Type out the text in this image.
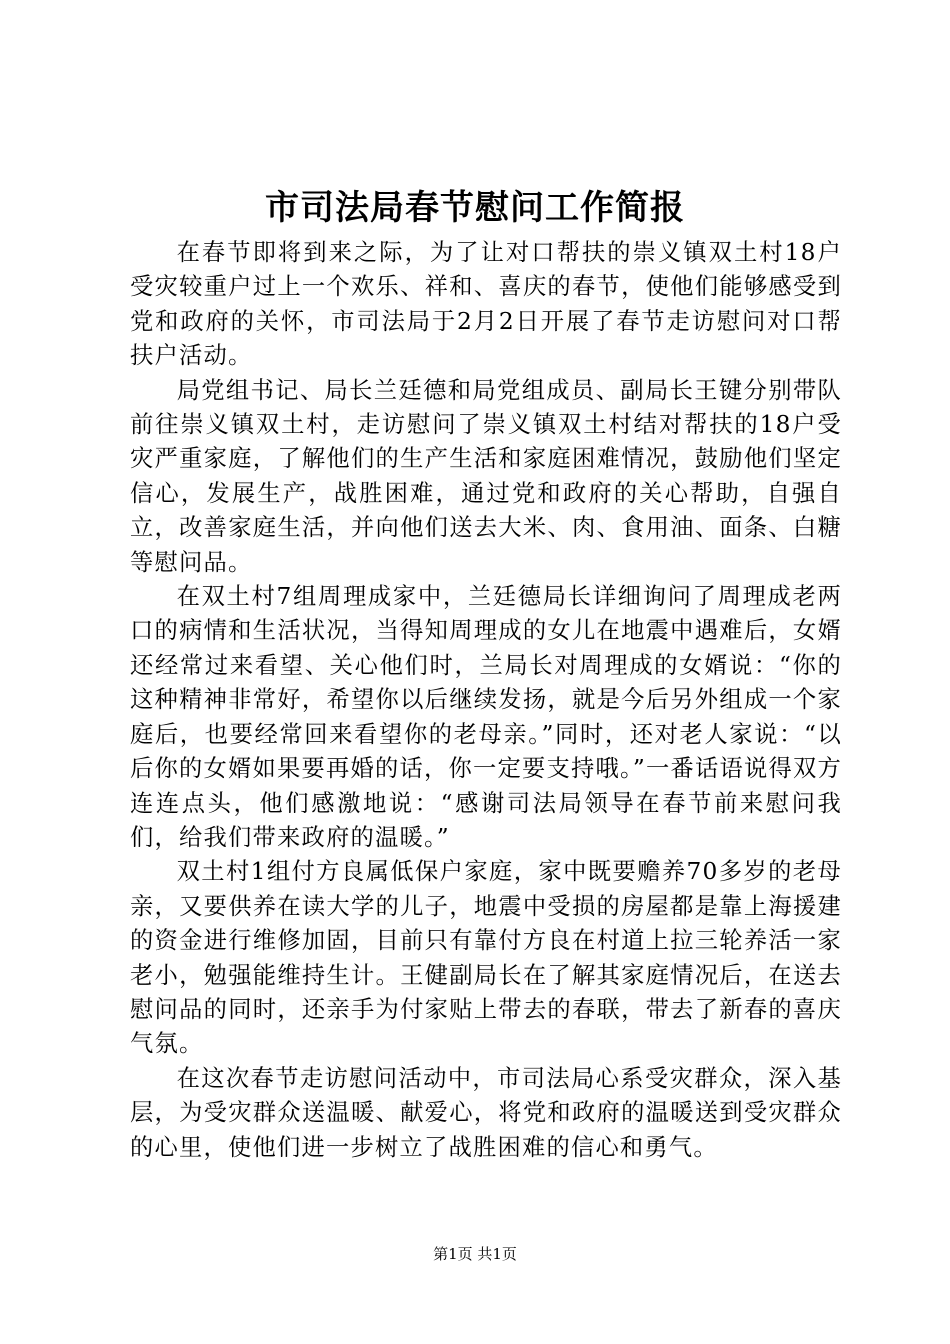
市司法局春节慰问工作简报

在春节即将到来之际，为了让对口帮扶的崇义镇双土村18户受灾较重户过上一个欢乐、祥和、喜庆的春节，使他们能够感受到党和政府的关怀，市司法局于2月2日开展了春节走访慰问对口帮扶户活动。

局党组书记、局长兰廷德和局党组成员、副局长王键分别带队前往崇义镇双土村，走访慰问了崇义镇双土村结对帮扶的18户受灾严重家庭，了解他们的生产生活和家庭困难情况，鼓励他们坚定信心，发展生产，战胜困难，通过党和政府的关心帮助，自强自立，改善家庭生活，并向他们送去大米、肉、食用油、面条、白糖等慰问品。

在双土村7组周理成家中，兰廷德局长详细询问了周理成老两口的病情和生活状况，当得知周理成的女儿在地震中遇难后，女婿还经常过来看望、关心他们时，兰局长对周理成的女婿说：“你的这种精神非常好，希望你以后继续发扬，就是今后另外组成一个家庭后，也要经常回来看望你的老母亲。”同时，还对老人家说：“以后你的女婿如果要再婚的话，你一定要支持哦。”一番话语说得双方连连点头，他们感激地说：“感谢司法局领导在春节前来慰问我们，给我们带来政府的温暖。”

双土村1组付方良属低保户家庭，家中既要赡养70多岁的老母亲，又要供养在读大学的儿子，地震中受损的房屋都是靠上海援建的资金进行维修加固，目前只有靠付方良在村道上拉三轮养活一家老小，勉强能维持生计。王健副局长在了解其家庭情况后，在送去慰问品的同时，还亲手为付家贴上带去的春联，带去了新春的喜庆气氛。

在这次春节走访慰问活动中，市司法局心系受灾群众，深入基层，为受灾群众送温暖、献爱心，将党和政府的温暖送到受灾群众的心里，使他们进一步树立了战胜困难的信心和勇气。

第1页 共1页
